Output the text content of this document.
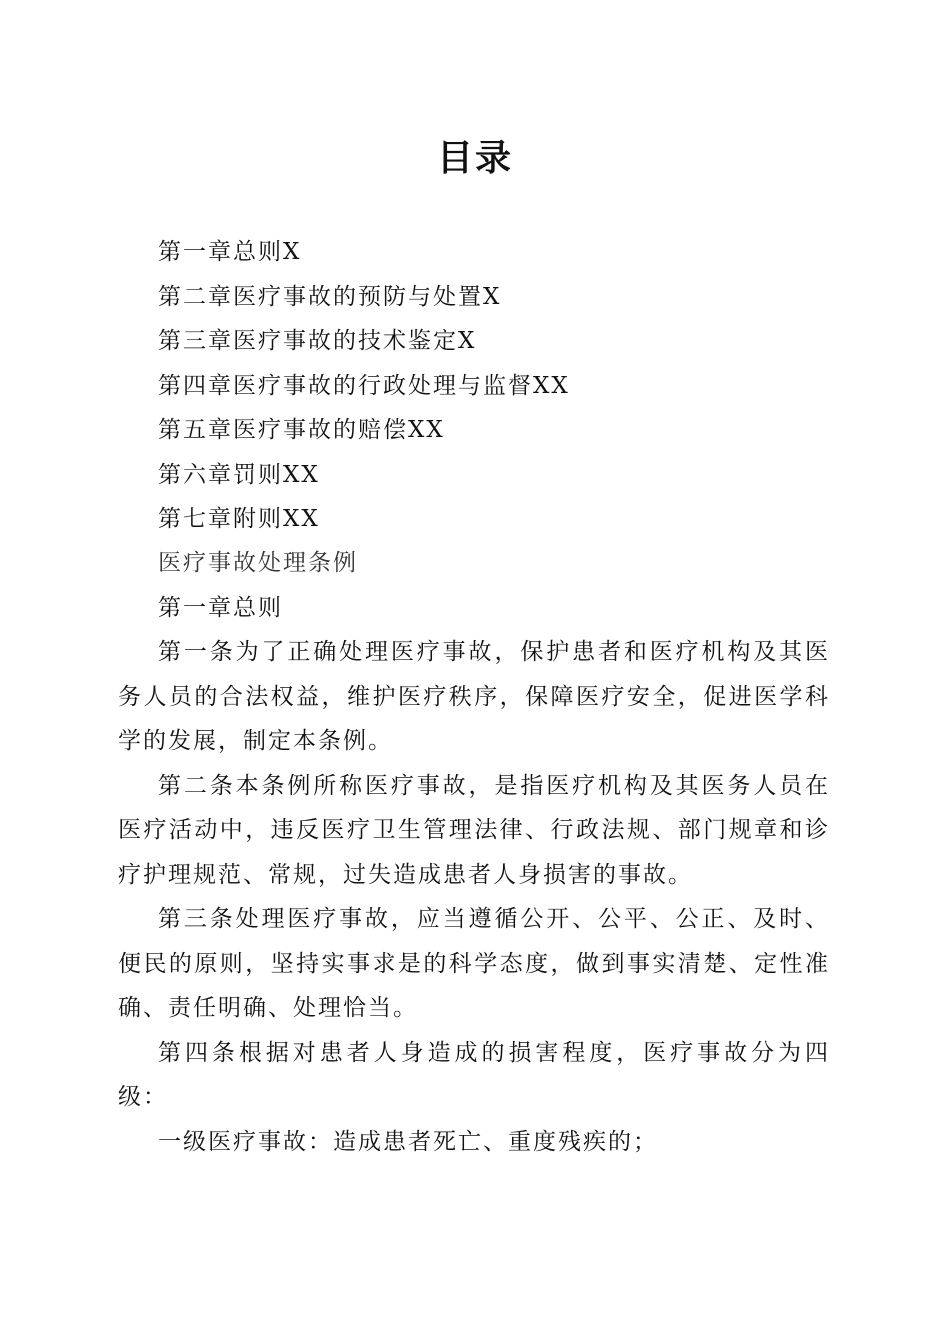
目录
第一章总则X
第二章医疗事故的预防与处置X
第三章医疗事故的技术鉴定X
第四章医疗事故的行政处理与监督XX
第五章医疗事故的赔偿XX
第六章罚则XX
第七章附则XX
医疗事故处理条例
第一章总则

第一条为了正确处理医疗事故，保护患者和医疗机构及其医务人员的合法权益，维护医疗秩序，保障医疗安全，促进医学科学的发展，制定本条例。

第二条本条例所称医疗事故，是指医疗机构及其医务人员在医疗活动中，违反医疗卫生管理法律、行政法规、部门规章和诊疗护理规范、常规，过失造成患者人身损害的事故。

第三条处理医疗事故，应当遵循公开、公平、公正、及时、便民的原则，坚持实事求是的科学态度，做到事实清楚、定性准确、责任明确、处理恰当。

第四条根据对患者人身造成的损害程度，医疗事故分为四级：

一级医疗事故：造成患者死亡、重度残疾的；
